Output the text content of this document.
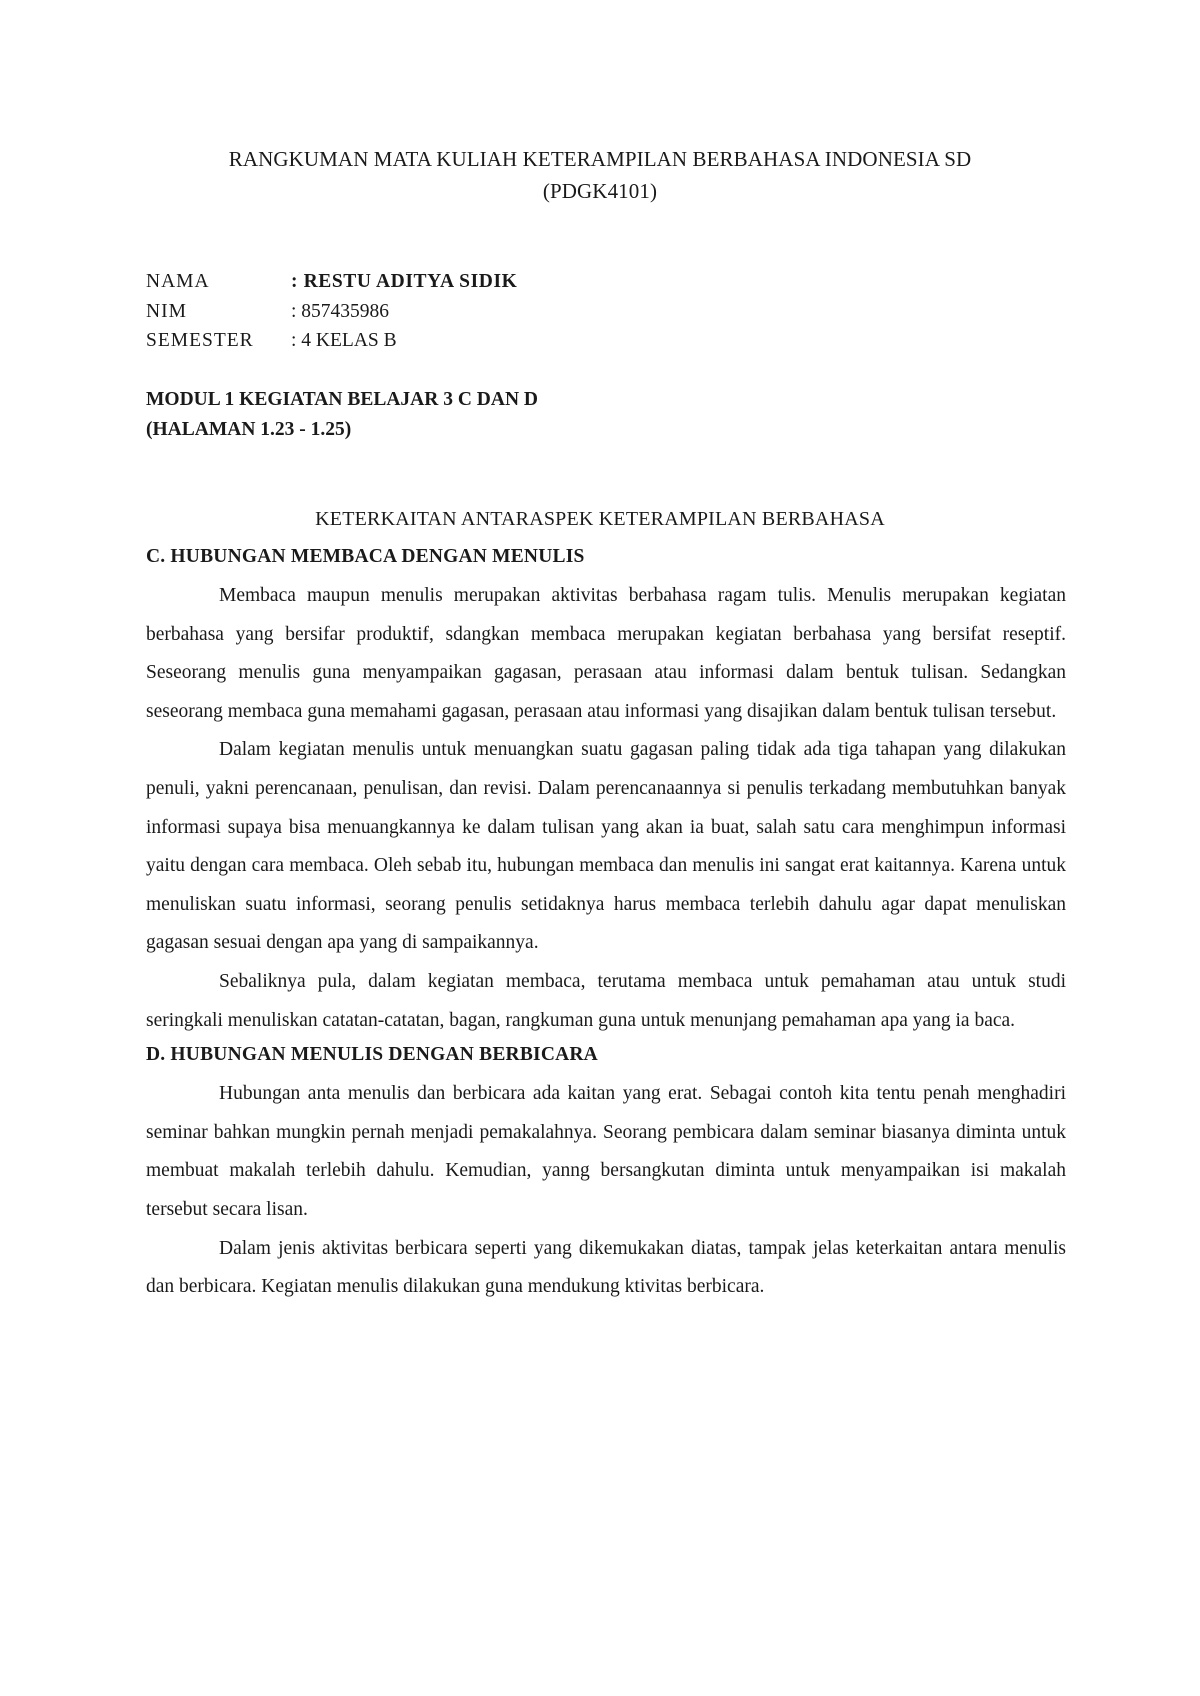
RANGKUMAN MATA KULIAH KETERAMPILAN BERBAHASA INDONESIA SD
(PDGK4101)
NAMA	: RESTU ADITYA SIDIK
NIM	: 857435986
SEMESTER	: 4 KELAS B
MODUL 1 KEGIATAN BELAJAR 3 C DAN D
(HALAMAN 1.23 - 1.25)
KETERKAITAN ANTARASPEK KETERAMPILAN BERBAHASA
C. HUBUNGAN MEMBACA DENGAN MENULIS

Membaca maupun menulis merupakan aktivitas berbahasa ragam tulis. Menulis merupakan kegiatan berbahasa yang bersifar produktif, sdangkan membaca merupakan kegiatan berbahasa yang bersifat reseptif. Seseorang menulis guna menyampaikan gagasan, perasaan atau informasi dalam bentuk tulisan. Sedangkan seseorang membaca guna memahami gagasan, perasaan atau informasi yang disajikan dalam bentuk tulisan tersebut.

Dalam kegiatan menulis untuk menuangkan suatu gagasan paling tidak ada tiga tahapan yang dilakukan penuli, yakni perencanaan, penulisan, dan revisi. Dalam perencanaannya si penulis terkadang membutuhkan banyak informasi supaya bisa menuangkannya ke dalam tulisan yang akan ia buat, salah satu cara menghimpun informasi yaitu dengan cara membaca. Oleh sebab itu, hubungan membaca dan menulis ini sangat erat kaitannya. Karena untuk menuliskan suatu informasi, seorang penulis setidaknya harus membaca terlebih dahulu agar dapat menuliskan gagasan sesuai dengan apa yang di sampaikannya.

Sebaliknya pula, dalam kegiatan membaca, terutama membaca untuk pemahaman atau untuk studi seringkali menuliskan catatan-catatan, bagan, rangkuman guna untuk menunjang pemahaman apa yang ia baca.

D. HUBUNGAN MENULIS DENGAN BERBICARA

Hubungan anta menulis dan berbicara ada kaitan yang erat. Sebagai contoh kita tentu penah menghadiri seminar bahkan mungkin pernah menjadi pemakalahnya. Seorang pembicara dalam seminar biasanya diminta untuk membuat makalah terlebih dahulu. Kemudian, yanng bersangkutan diminta untuk menyampaikan isi makalah tersebut secara lisan.

Dalam jenis aktivitas berbicara seperti yang dikemukakan diatas, tampak jelas keterkaitan antara menulis dan berbicara. Kegiatan menulis dilakukan guna mendukung ktivitas berbicara.
